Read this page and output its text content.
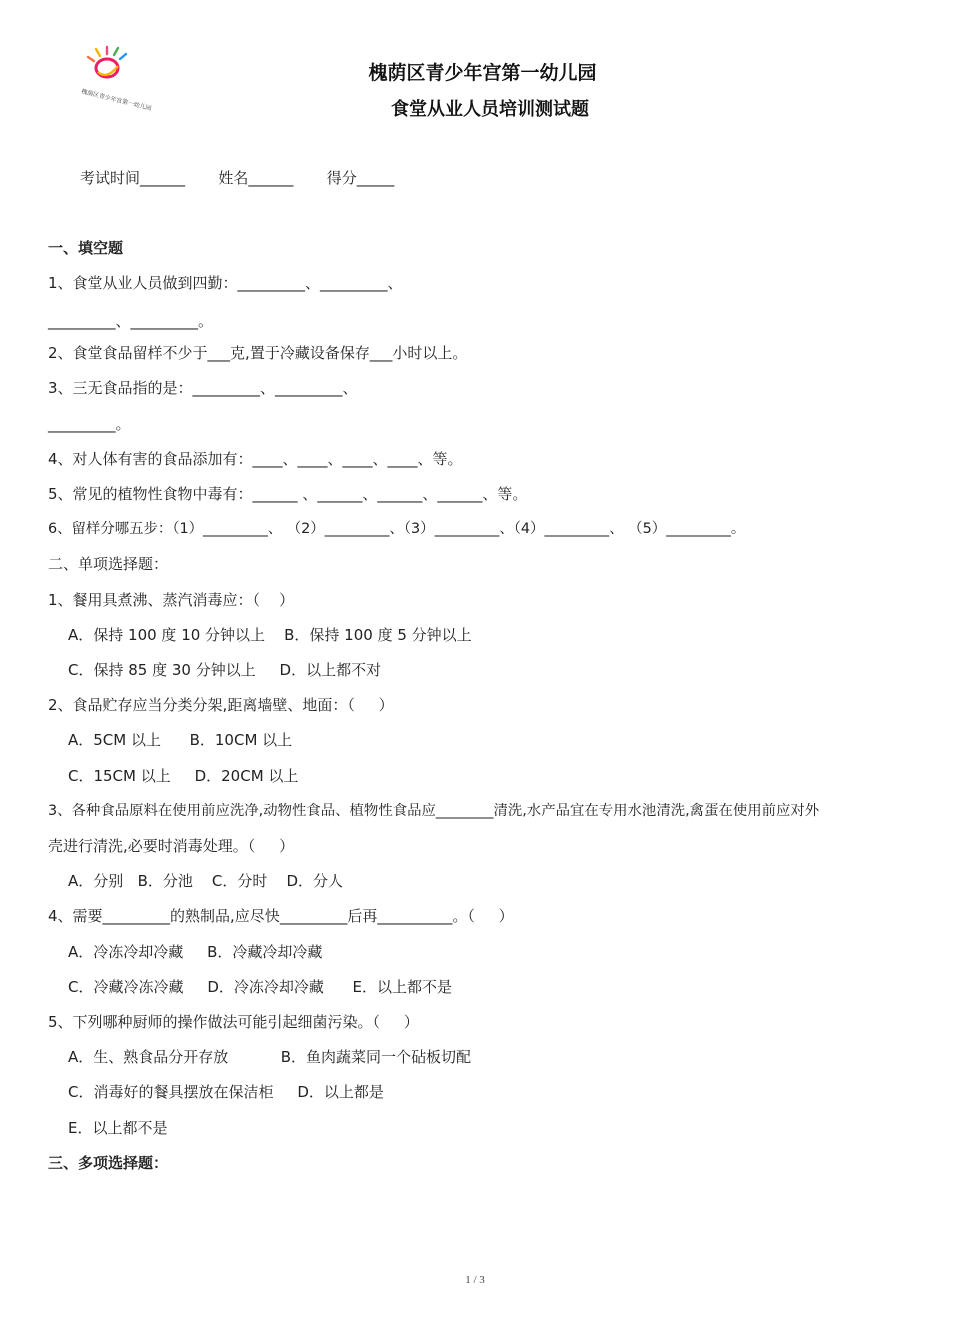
槐荫区青少年宫第一幼儿园
槐荫区青少年宫第一幼儿园
食堂从业人员培训测试题
考试时间______       姓名______       得分_____
一、填空题
1、食堂从业人员做到四勤：_________、_________、
_________、_________。
2、食堂食品留样不少于___克,置于冷藏设备保存___小时以上。
3、三无食品指的是：_________、_________、
_________。
4、对人体有害的食品添加有：____、____、____、____、等。
5、常见的植物性食物中毒有：______ 、______、______、______、等。
6、留样分哪五步：（1）_________、 （2）_________、（3）_________、（4）_________、 （5）_________。
二、单项选择题：
1、餐用具煮沸、蒸汽消毒应：（    ）
A．保持 100 度 10 分钟以上    B．保持 100 度 5 分钟以上
C．保持 85 度 30 分钟以上     D．以上都不对
2、食品贮存应当分类分架,距离墙壁、地面：（     ）
A．5CM 以上      B．10CM 以上
C．15CM 以上     D．20CM 以上
3、各种食品原料在使用前应洗净,动物性食品、植物性食品应________清洗,水产品宜在专用水池清洗,禽蛋在使用前应对外
壳进行清洗,必要时消毒处理。（     ）
A．分别   B．分池    C．分时    D．分人
4、需要_________的熟制品,应尽快_________后再__________。（     ）
A．冷冻冷却冷藏     B．冷藏冷却冷藏
C．冷藏冷冻冷藏     D．冷冻冷却冷藏      E．以上都不是
5、下列哪种厨师的操作做法可能引起细菌污染。（     ）
A．生、熟食品分开存放           B．鱼肉蔬菜同一个砧板切配
C．消毒好的餐具摆放在保洁柜     D．以上都是
E．以上都不是
三、多项选择题：
1 / 3
